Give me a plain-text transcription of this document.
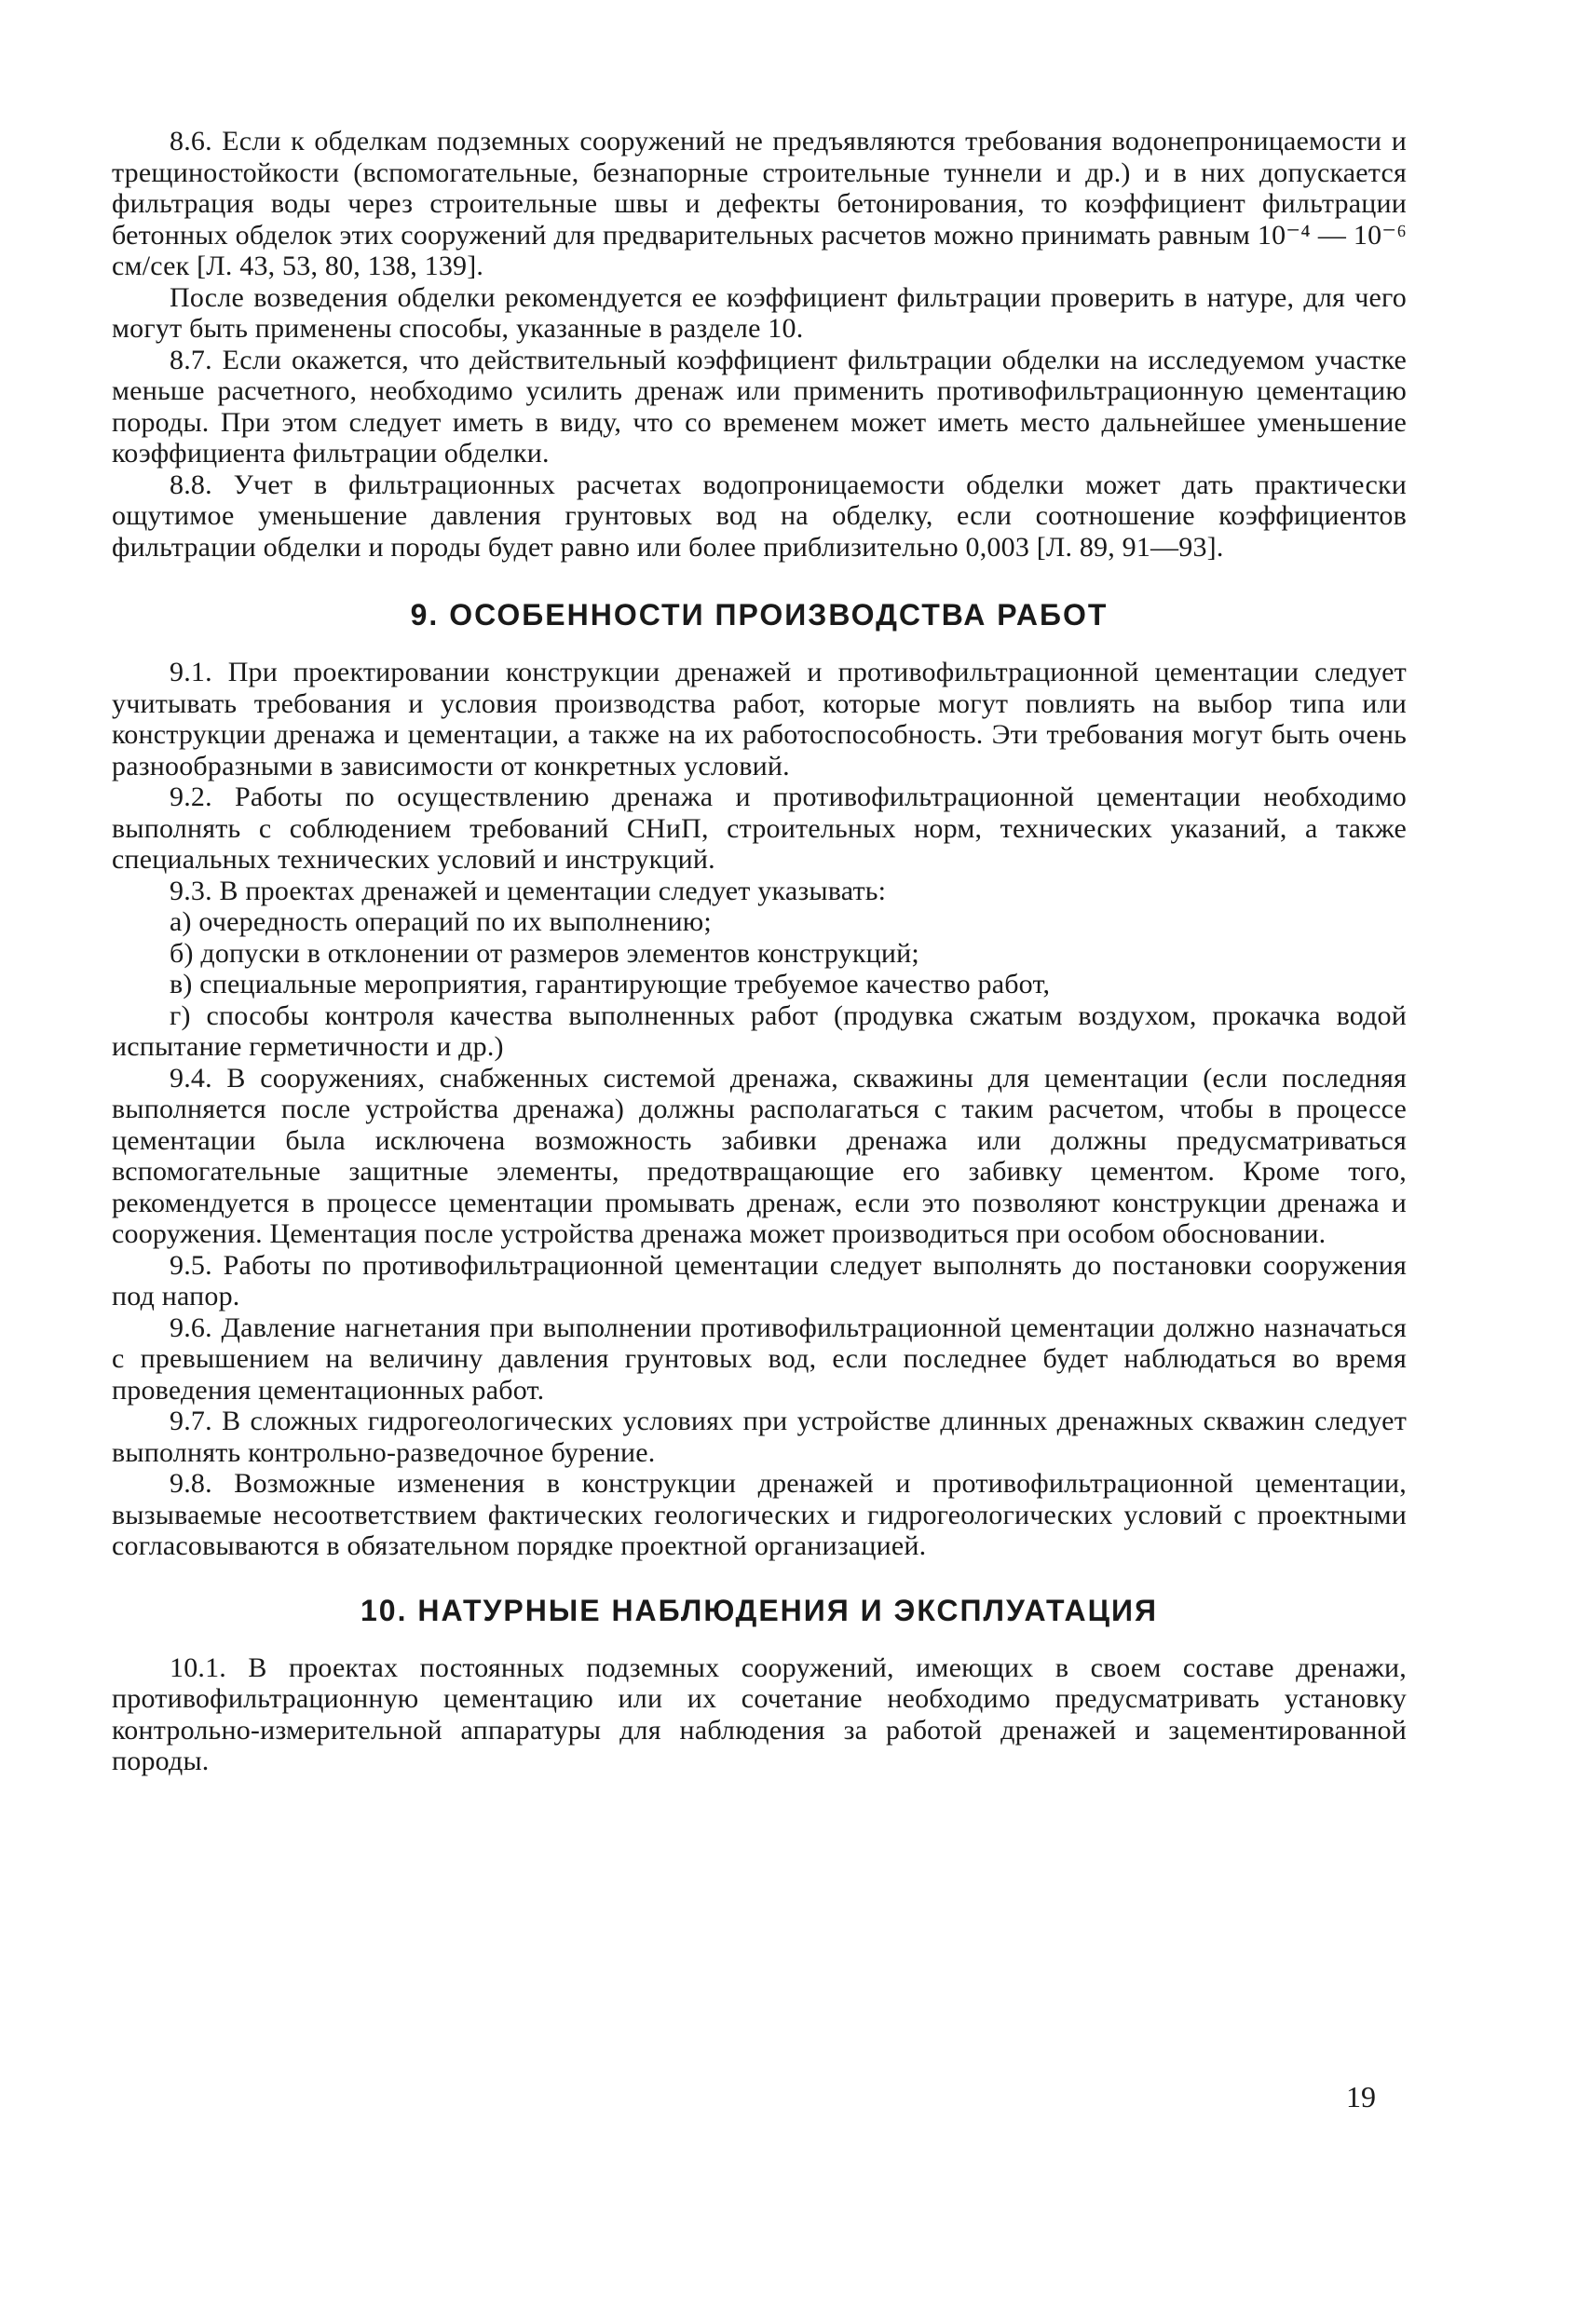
8.6. Если к обделкам подземных сооружений не предъявляются требования водонепроницаемости и трещиностойкости (вспомогательные, безнапорные строительные туннели и др.) и в них допускается фильтрация воды через строительные швы и дефекты бетонирования, то коэффициент фильтрации бетонных обделок этих сооружений для предварительных расчетов можно принимать равным 10⁻⁴ — 10⁻⁶ см/сек [Л. 43, 53, 80, 138, 139].

После возведения обделки рекомендуется ее коэффициент фильтрации проверить в натуре, для чего могут быть применены способы, указанные в разделе 10.

8.7. Если окажется, что действительный коэффициент фильтрации обделки на исследуемом участке меньше расчетного, необходимо усилить дренаж или применить противофильтрационную цементацию породы. При этом следует иметь в виду, что со временем может иметь место дальнейшее уменьшение коэффициента фильтрации обделки.

8.8. Учет в фильтрационных расчетах водопроницаемости обделки может дать практически ощутимое уменьшение давления грунтовых вод на обделку, если соотношение коэффициентов фильтрации обделки и породы будет равно или более приблизительно 0,003 [Л. 89, 91—93].

9. ОСОБЕННОСТИ ПРОИЗВОДСТВА РАБОТ

9.1. При проектировании конструкции дренажей и противофильтрационной цементации следует учитывать требования и условия производства работ, которые могут повлиять на выбор типа или конструкции дренажа и цементации, а также на их работоспособность. Эти требования могут быть очень разнообразными в зависимости от конкретных условий.

9.2. Работы по осуществлению дренажа и противофильтрационной цементации необходимо выполнять с соблюдением требований СНиП, строительных норм, технических указаний, а также специальных технических условий и инструкций.

9.3. В проектах дренажей и цементации следует указывать:

а) очередность операций по их выполнению;

б) допуски в отклонении от размеров элементов конструкций;

в) специальные мероприятия, гарантирующие требуемое качество работ,

г) способы контроля качества выполненных работ (продувка сжатым воздухом, прокачка водой испытание герметичности и др.)

9.4. В сооружениях, снабженных системой дренажа, скважины для цементации (если последняя выполняется после устройства дренажа) должны располагаться с таким расчетом, чтобы в процессе цементации была исключена возможность забивки дренажа или должны предусматриваться вспомогательные защитные элементы, предотвращающие его забивку цементом. Кроме того, рекомендуется в процессе цементации промывать дренаж, если это позволяют конструкции дренажа и сооружения. Цементация после устройства дренажа может производиться при особом обосновании.

9.5. Работы по противофильтрационной цементации следует выполнять до постановки сооружения под напор.

9.6. Давление нагнетания при выполнении противофильтрационной цементации должно назначаться с превышением на величину давления грунтовых вод, если последнее будет наблюдаться во время проведения цементационных работ.

9.7. В сложных гидрогеологических условиях при устройстве длинных дренажных скважин следует выполнять контрольно-разведочное бурение.

9.8. Возможные изменения в конструкции дренажей и противофильтрационной цементации, вызываемые несоответствием фактических геологических и гидрогеологических условий с проектными согласовываются в обязательном порядке проектной организацией.

10. НАТУРНЫЕ НАБЛЮДЕНИЯ И ЭКСПЛУАТАЦИЯ

10.1. В проектах постоянных подземных сооружений, имеющих в своем составе дренажи, противофильтрационную цементацию или их сочетание необходимо предусматривать установку контрольно-измерительной аппаратуры для наблюдения за работой дренажей и зацементированной породы.

19
